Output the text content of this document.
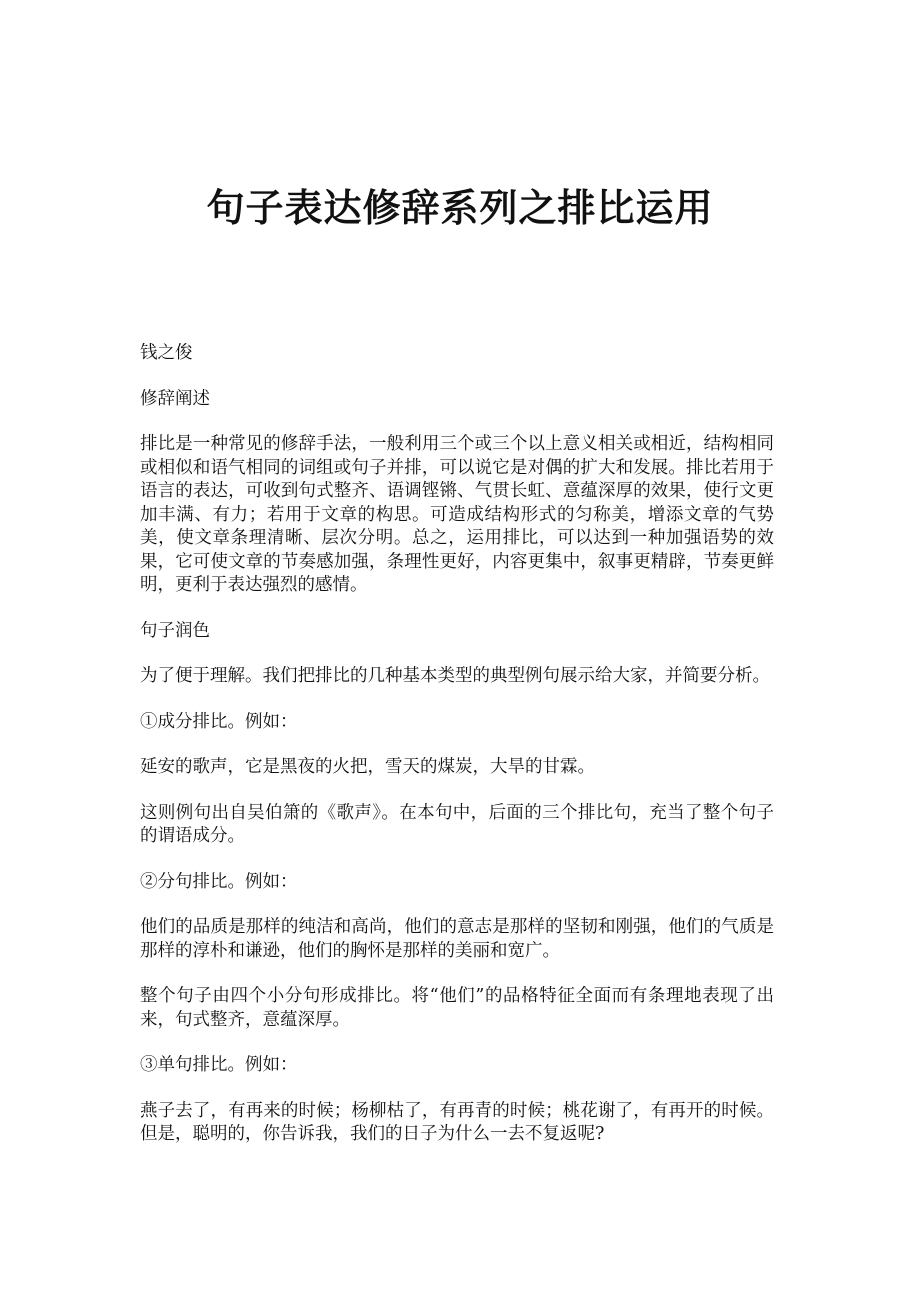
句子表达修辞系列之排比运用

钱之俊

修辞阐述

排比是一种常见的修辞手法，一般利用三个或三个以上意义相关或相近，结构相同或相似和语气相同的词组或句子并排，可以说它是对偶的扩大和发展。排比若用于语言的表达，可收到句式整齐、语调铿锵、气贯长虹、意蕴深厚的效果，使行文更加丰满、有力；若用于文章的构思。可造成结构形式的匀称美，增添文章的气势美，使文章条理清晰、层次分明。总之，运用排比，可以达到一种加强语势的效果，它可使文章的节奏感加强，条理性更好，内容更集中，叙事更精辟，节奏更鲜明，更利于表达强烈的感情。

句子润色

为了便于理解。我们把排比的几种基本类型的典型例句展示给大家，并简要分析。

①成分排比。例如：

延安的歌声，它是黑夜的火把，雪天的煤炭，大旱的甘霖。

这则例句出自吴伯箫的《歌声》。在本句中，后面的三个排比句，充当了整个句子的谓语成分。

②分句排比。例如：

他们的品质是那样的纯洁和高尚，他们的意志是那样的坚韧和刚强，他们的气质是那样的淳朴和谦逊，他们的胸怀是那样的美丽和宽广。

整个句子由四个小分句形成排比。将“他们”的品格特征全面而有条理地表现了出来，句式整齐，意蕴深厚。

③单句排比。例如：

燕子去了，有再来的时候；杨柳枯了，有再青的时候；桃花谢了，有再开的时候。但是，聪明的，你告诉我，我们的日子为什么一去不复返呢?
